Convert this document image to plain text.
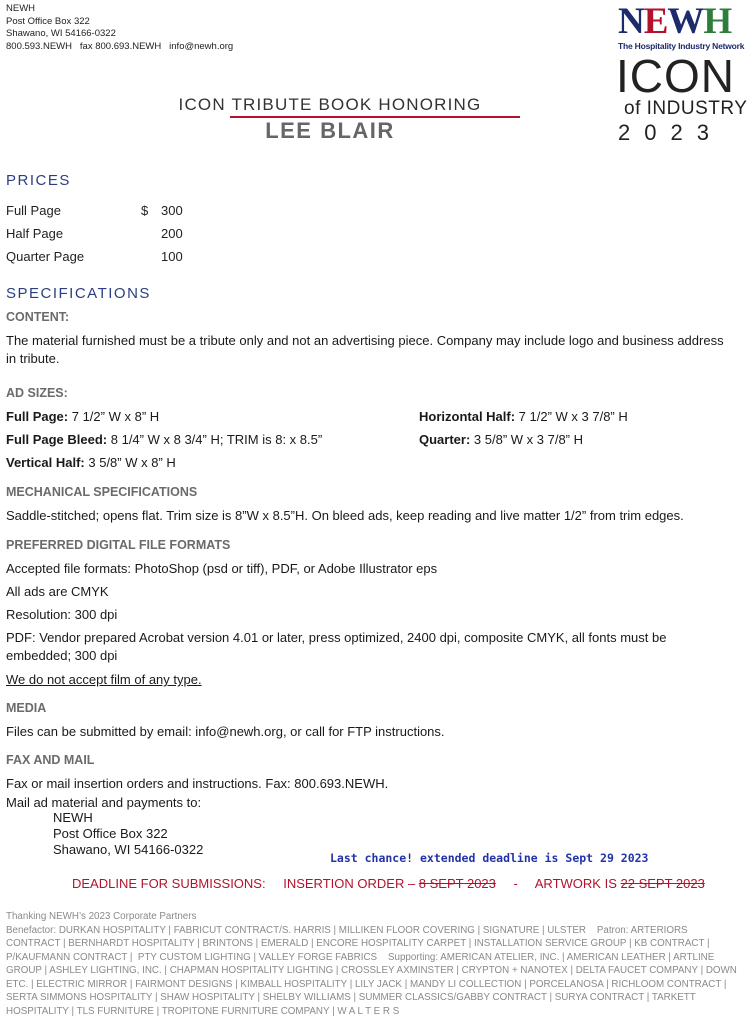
NEWH
Post Office Box 322
Shawano, WI 54166-0322
800.593.NEWH   fax 800.693.NEWH   info@newh.org
NEWH
The Hospitality Industry Network
ICON
of INDUSTRY
2023
ICON TRIBUTE BOOK HONORING
LEE BLAIR
PRICES
Full Page	$ 300
Half Page	200
Quarter Page	100
SPECIFICATIONS
CONTENT:
The material furnished must be a tribute only and not an advertising piece. Company may include logo and business address in tribute.
AD SIZES:
Full Page: 7 1/2” W x 8” H
Full Page Bleed: 8 1/4” W x 8 3/4” H; TRIM is 8: x 8.5”
Vertical Half: 3 5/8” W x 8” H
Horizontal Half: 7 1/2” W x 3 7/8” H
Quarter: 3 5/8” W x 3 7/8” H
MECHANICAL SPECIFICATIONS
Saddle-stitched; opens flat. Trim size is 8”W x 8.5”H. On bleed ads, keep reading and live matter 1/2” from trim edges.
PREFERRED DIGITAL FILE FORMATS
Accepted file formats: PhotoShop (psd or tiff), PDF, or Adobe Illustrator eps
All ads are CMYK
Resolution: 300 dpi
PDF: Vendor prepared Acrobat version 4.01 or later, press optimized, 2400 dpi, composite CMYK, all fonts must be embedded; 300 dpi
We do not accept film of any type.
MEDIA
Files can be submitted by email: info@newh.org, or call for FTP instructions.
FAX AND MAIL
Fax or mail insertion orders and instructions. Fax: 800.693.NEWH.
Mail ad material and payments to:
NEWH
Post Office Box 322
Shawano, WI 54166-0322
Last chance! extended deadline is Sept 29 2023
DEADLINE FOR SUBMISSIONS: INSERTION ORDER – 8 SEPT 2023 - ARTWORK IS 22 SEPT 2023
Thanking NEWH’s 2023 Corporate Partners
Benefactor: DURKAN HOSPITALITY | FABRICUT CONTRACT/S. HARRIS | MILLIKEN FLOOR COVERING | SIGNATURE | ULSTER    Patron: ARTERIORS CONTRACT | BERNHARDT HOSPITALITY | BRINTONS | EMERALD | ENCORE HOSPITALITY CARPET | INSTALLATION SERVICE GROUP | KB CONTRACT | P/KAUFMANN CONTRACT |  PTY CUSTOM LIGHTING | VALLEY FORGE FABRICS    Supporting: AMERICAN ATELIER, INC. | AMERICAN LEATHER | ARTLINE GROUP | ASHLEY LIGHTING, INC. | CHAPMAN HOSPITALITY LIGHTING | CROSSLEY AXMINSTER | CRYPTON + NANOTEX | DELTA FAUCET COMPANY | DOWN ETC. | ELECTRIC MIRROR | FAIRMONT DESIGNS | KIMBALL HOSPITALITY | LILY JACK | MANDY LI COLLECTION | PORCELANOSA | RICHLOOM CONTRACT | SERTA SIMMONS HOSPITALITY | SHAW HOSPITALITY | SHELBY WILLIAMS | SUMMER CLASSICS/GABBY CONTRACT | SURYA CONTRACT | TARKETT HOSPITALITY | TLS FURNITURE | TROPITONE FURNITURE COMPANY | W A L T E R S
